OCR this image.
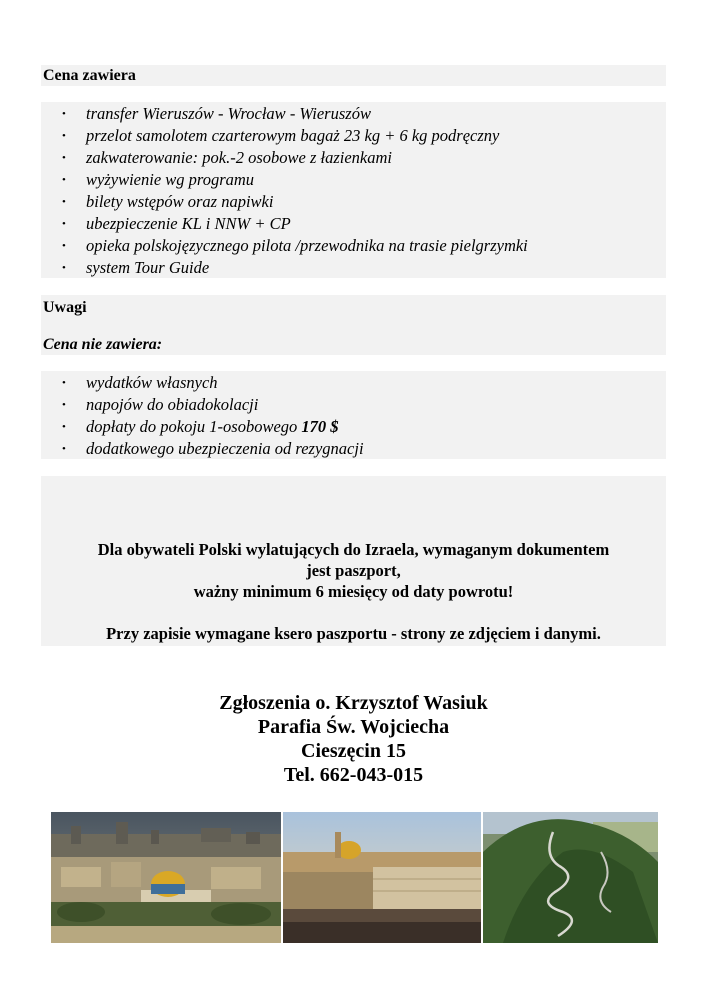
Cena zawiera
• transfer Wieruszów - Wrocław - Wieruszów
• przelot samolotem czarterowym bagaż 23 kg + 6 kg podręczny
• zakwaterowanie: pok.-2 osobowe z łazienkami
• wyżywienie wg programu
• bilety wstępów oraz napiwki
• ubezpieczenie KL i NNW + CP
• opieka polskojęzycznego pilota /przewodnika na trasie pielgrzymki
• system Tour Guide
Uwagi
Cena nie zawiera:
• wydatków własnych
• napojów do obiadokolacji
• dopłaty do pokoju 1-osobowego 170 $
• dodatkowego ubezpieczenia od rezygnacji

Dla obywateli Polski wylatujących do Izraela, wymaganym dokumentem

jest paszport,

ważny minimum 6 miesięcy od daty powrotu!

Przy zapisie wymagane ksero paszportu - strony ze zdjęciem i danymi.

Zgłoszenia o. Krzysztof Wasiuk
Parafia Św. Wojciecha
Cieszęcin 15
Tel. 662-043-015
